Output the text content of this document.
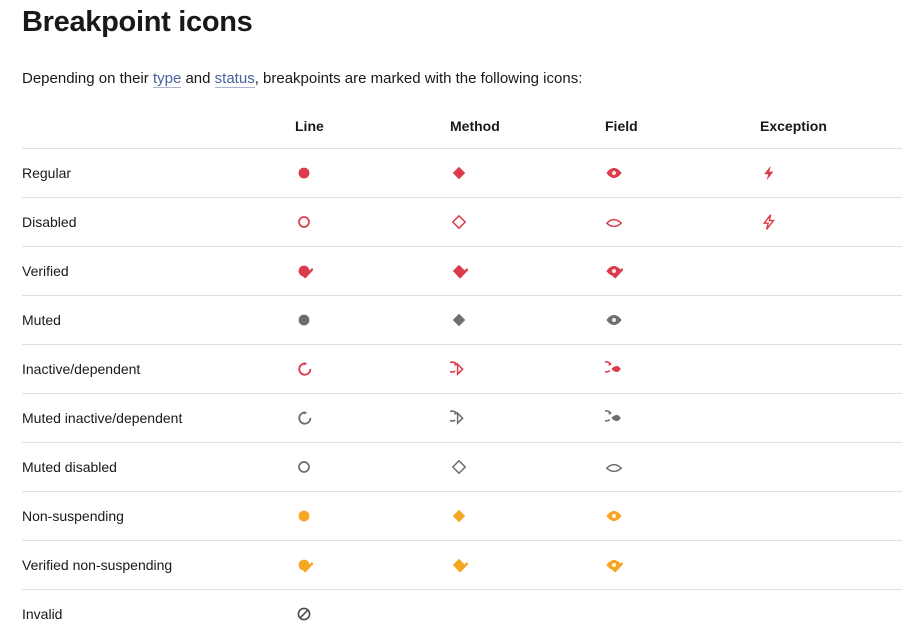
Breakpoint icons

Depending on their type and status, breakpoints are marked with the following icons:

	Line	Method	Field	Exception
Regular	

Disabled	

Verified	

Muted	

Inactive/dependent	

Muted inactive/dependent	

Muted disabled	

Non-suspending	

Verified non-suspending	

Invalid	
